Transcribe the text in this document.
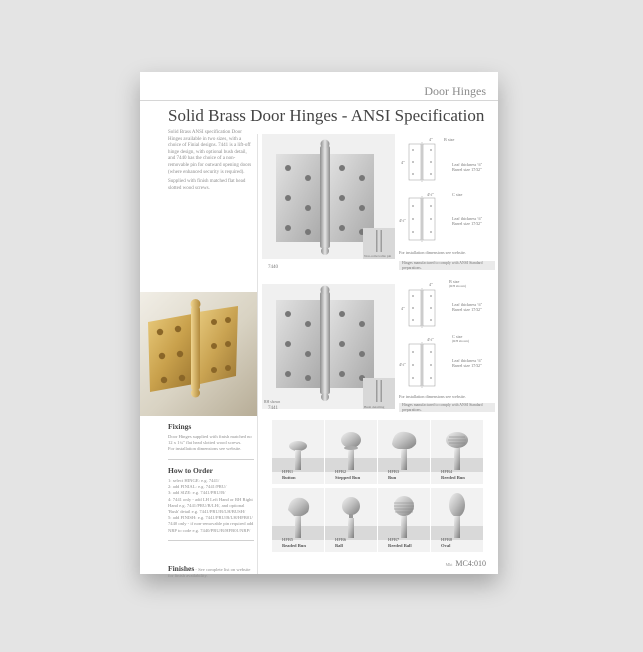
Door Hinges
Solid Brass Door Hinges - ANSI Specification

Solid Brass ANSI specification Door Hinges available in two sizes, with a choice of Finial designs. 7441 is a lift-off hinge design, with optional bush detail, and 7440 has the choice of a non-removable pin for outward opening doors (where enhanced security is required).

Supplied with finish matched flat head slotted wood screws.

Fixings
Door Hinges supplied with finish matched no 12 x 1¼" flat head slotted wood screws.
For installation dimensions see website.
How to Order
1: select HINGE: e.g. 7441/
2: add FINIAL: e.g. 7441/PRU/
3: add SIZE: e.g. 7441/PRU/B/
4: 7441 only - add LH Left Hand or RH Right Hand e.g. 7441/PRU/B/LH/, and optional 'Bush' detail e.g. 7441/PRU/B/LH/BUSH/
5: add FINISH: e.g. 7441/PRU/B/LH/HFB01/
7440 only - if non-removable pin required add NRP to code e.g. 7440/PRU/B/HFB01/NRP/
Finishes - See complete list on website for finish availability.
7440
Non-removable pin
4"	B size
4"	Leaf thickness ⅛"
Barrel size 17⁄32"
4½"	C size
4½"	Leaf thickness ⅛"
Barrel size 17⁄32"
For installation dimensions see website.
Hinges manufactured to comply with ANSI Standard preparations.
RH shown
7441	Bush detailing
4"
B size
(RH shown)
4"
Leaf thickness ⅛"
Barrel size 17⁄32"
4½"
C size
(RH shown)
4½"
Leaf thickness ⅛"
Barrel size 17⁄32"
For installation dimensions see website.
Hinges manufactured to comply with ANSI Standard preparations.
HFB1
Button
HFB2
Stepped Bun
HFB3
Bun
HFB4
Reeded Bun
HFB5
Beaded Bun
HFB6
Ball
HFB7
Reeded Ball
HFB8
Oval
Mkt MC4:010
